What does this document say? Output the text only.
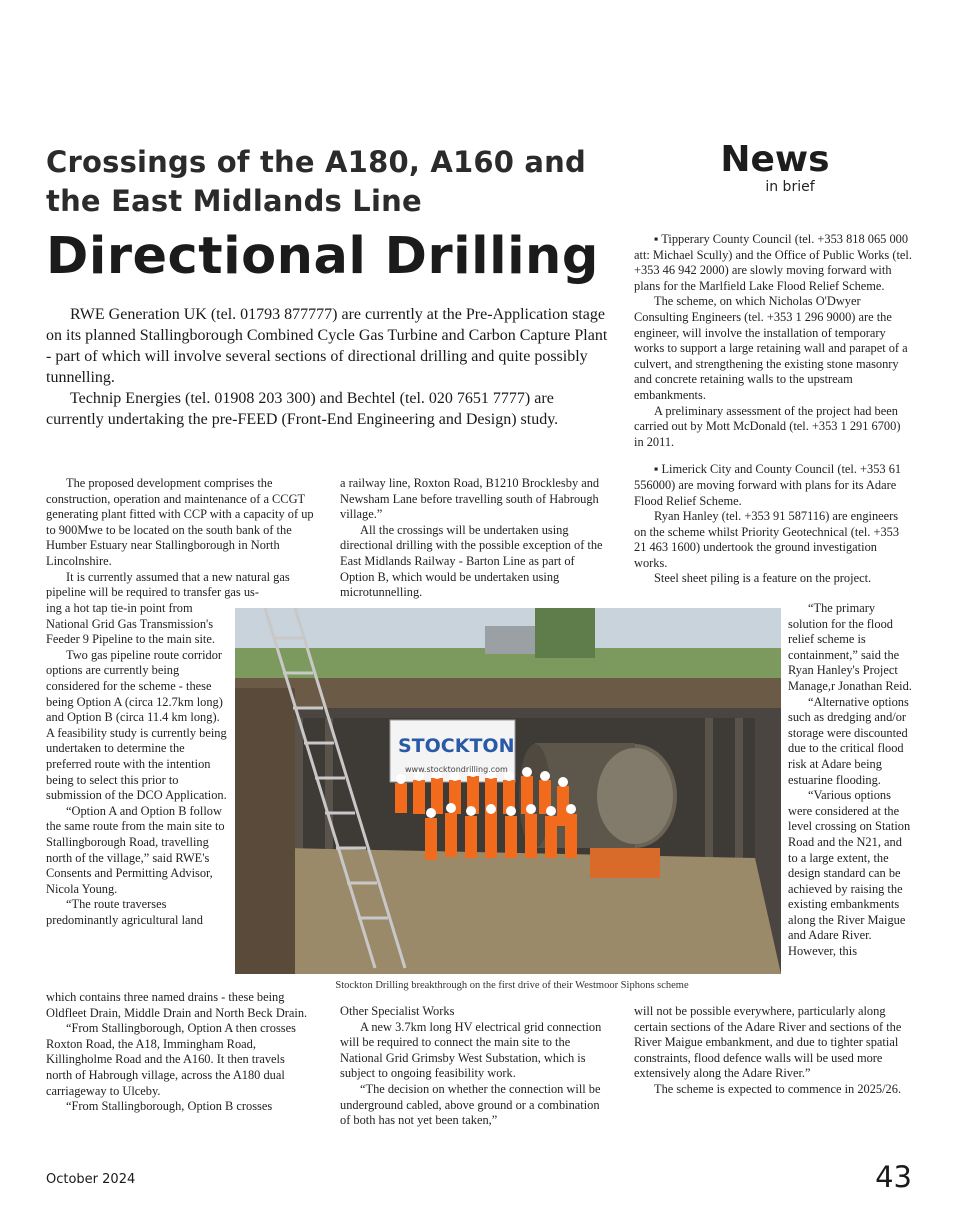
Crossings of the A180, A160 and
the East Midlands Line
Directional Drilling
News
in brief

RWE Generation UK (tel. 01793 877777) are currently at the Pre-Application stage on its planned Stallingborough Combined Cycle Gas Turbine and Carbon Capture Plant - part of which will involve several sections of directional drilling and quite possibly tunnelling.

Technip Energies (tel. 01908 203 300) and Bechtel (tel. 020 7651 7777) are currently undertaking the pre-FEED (Front-End Engineering and Design) study.

The proposed development comprises the construction, operation and maintenance of a CCGT generating plant fitted with CCP with a capacity of up to 900Mwe to be located on the south bank of the Humber Estuary near Stallingborough in North Lincolnshire.

It is currently assumed that a new natural gas pipeline will be required to transfer gas us-

ing a hot tap tie-in point from National Grid Gas Transmission's Feeder 9 Pipeline to the main site.

Two gas pipeline route corridor options are currently being considered for the scheme - these being Option A (circa 12.7km long) and Option B (circa 11.4 km long). A feasibility study is currently being undertaken to determine the preferred route with the intention being to select this prior to submission of the DCO Application.

“Option A and Option B follow the same route from the main site to Stallingborough Road, travelling north of the village,” said RWE's Consents and Permitting Advisor, Nicola Young.

“The route traverses predominantly agricultural land

which contains three named drains - these being Oldfleet Drain, Middle Drain and North Beck Drain.

“From Stallingborough, Option A then crosses Roxton Road, the A18, Immingham Road, Killingholme Road and the A160. It then travels north of Habrough village, across the A180 dual carriageway to Ulceby.

“From Stallingborough, Option B crosses

a railway line, Roxton Road, B1210 Brocklesby and Newsham Lane before travelling south of Habrough village.”

All the crossings will be undertaken using directional drilling with the possible exception of the East Midlands Railway - Barton Line as part of Option B, which would be undertaken using microtunnelling.

Other Specialist Works

A new 3.7km long HV electrical grid connection will be required to connect the main site to the National Grid Grimsby West Substation, which is subject to ongoing feasibility work.

“The decision on whether the connection will be underground cabled, above ground or a combination of both has not yet been taken,”

▪ Tipperary County Council (tel. +353 818 065 000 att: Michael Scully) and the Office of Public Works (tel. +353 46 942 2000) are slowly moving forward with plans for the Marlfield Lake Flood Relief Scheme.

The scheme, on which Nicholas O'Dwyer Consulting Engineers (tel. +353 1 296 9000) are the engineer, will involve the installation of temporary works to support a large retaining wall and parapet of a culvert, and strengthening the existing stone masonry and concrete retaining walls to the upstream embankments.

A preliminary assessment of the project had been carried out by Mott McDonald (tel. +353 1 291 6700) in 2011.

▪ Limerick City and County Council (tel. +353 61 556000) are moving forward with plans for its Adare Flood Relief Scheme.

Ryan Hanley (tel. +353 91 587116) are engineers on the scheme whilst Priority Geotechnical (tel. +353 21 463 1600) undertook the ground investigation works.

Steel sheet piling is a feature on the project.

“The primary solution for the flood relief scheme is containment,” said the Ryan Hanley's Project Manage,r Jonathan Reid.

“Alternative options such as dredging and/or storage were discounted due to the critical flood risk at Adare being estuarine flooding.

“Various options were considered at the level crossing on Station Road and the N21, and to a large extent, the design standard can be achieved by raising the existing embankments along the River Maigue and Adare River. However, this

will not be possible everywhere, particularly along certain sections of the Adare River and sections of the River Maigue embankment, and due to tighter spatial constraints, flood defence walls will be used more extensively along the Adare River.”

The scheme is expected to commence in 2025/26.

STOCKTON
www.stocktondrilling.com
Stockton Drilling breakthrough on the first drive of their Westmoor Siphons scheme
October 2024	43
